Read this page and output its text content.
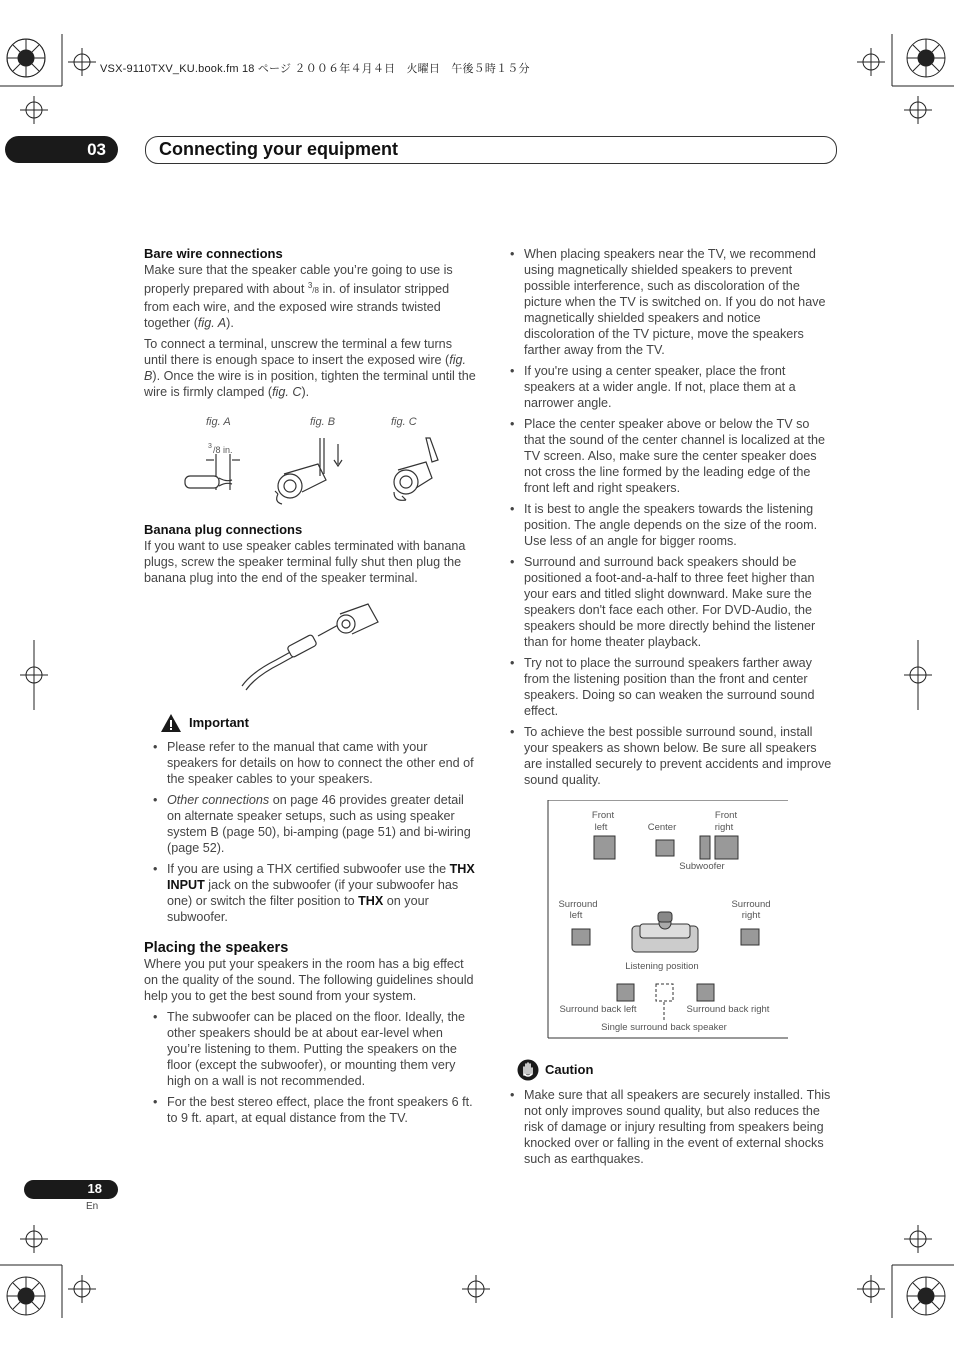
VSX-9110TXV_KU.book.fm 18 ページ ２００６年４月４日　火曜日　午後５時１５分
03	Connecting your equipment

Bare wire connections

Make sure that the speaker cable you’re going to use is properly prepared with about $^3$/8 in. of insulator stripped from each wire, and the exposed wire strands twisted together (fig. A).

To connect a terminal, unscrew the terminal a few turns until there is enough space to insert the exposed wire (fig. B). Once the wire is in position, tighten the terminal until the wire is firmly clamped (fig. C).

fig. A	fig. B	fig. C
3 /8 in.

Banana plug connections

If you want to use speaker cables terminated with banana plugs, screw the speaker terminal fully shut then plug the banana plug into the end of the speaker terminal.

Important
• Please refer to the manual that came with your speakers for details on how to connect the other end of the speaker cables to your speakers.
• Other connections on page 46 provides greater detail on alternate speaker setups, such as using speaker system B (page 50), bi-amping (page 51) and bi-wiring (page 52).
• If you are using a THX certified subwoofer use the THX INPUT jack on the subwoofer (if your subwoofer has one) or switch the filter position to THX on your subwoofer.

Placing the speakers

Where you put your speakers in the room has a big effect on the quality of the sound. The following guidelines should help you to get the best sound from your system.

• The subwoofer can be placed on the floor. Ideally, the other speakers should be at about ear-level when you’re listening to them. Putting the speakers on the floor (except the subwoofer), or mounting them very high on a wall is not recommended.
• For the best stereo effect, place the front speakers 6 ft. to 9 ft. apart, at equal distance from the TV.
• When placing speakers near the TV, we recommend using magnetically shielded speakers to prevent possible interference, such as discoloration of the picture when the TV is switched on. If you do not have magnetically shielded speakers and notice discoloration of the TV picture, move the speakers farther away from the TV.
• If you're using a center speaker, place the front speakers at a wider angle. If not, place them at a narrower angle.
• Place the center speaker above or below the TV so that the sound of the center channel is localized at the TV screen. Also, make sure the center speaker does not cross the line formed by the leading edge of the front left and right speakers.
• It is best to angle the speakers towards the listening position. The angle depends on the size of the room. Use less of an angle for bigger rooms.
• Surround and surround back speakers should be positioned a foot-and-a-half to three feet higher than your ears and titled slight downward. Make sure the speakers don't face each other. For DVD-Audio, the speakers should be more directly behind the listener than for home theater playback.
• Try not to place the surround speakers farther away from the listening position than the front and center speakers. Doing so can weaken the surround sound effect.
• To achieve the best possible surround sound, install your speakers as shown below. Be sure all speakers are installed securely to prevent accidents and improve sound quality.
Front
left	Center
Front
right
Subwoofer
Surround
left
Surround
right
Listening position
Surround back left	Surround back right
Single surround back speaker
Caution
• Make sure that all speakers are securely installed. This not only improves sound quality, but also reduces the risk of damage or injury resulting from speakers being knocked over or falling in the event of external shocks such as earthquakes.
18
En
